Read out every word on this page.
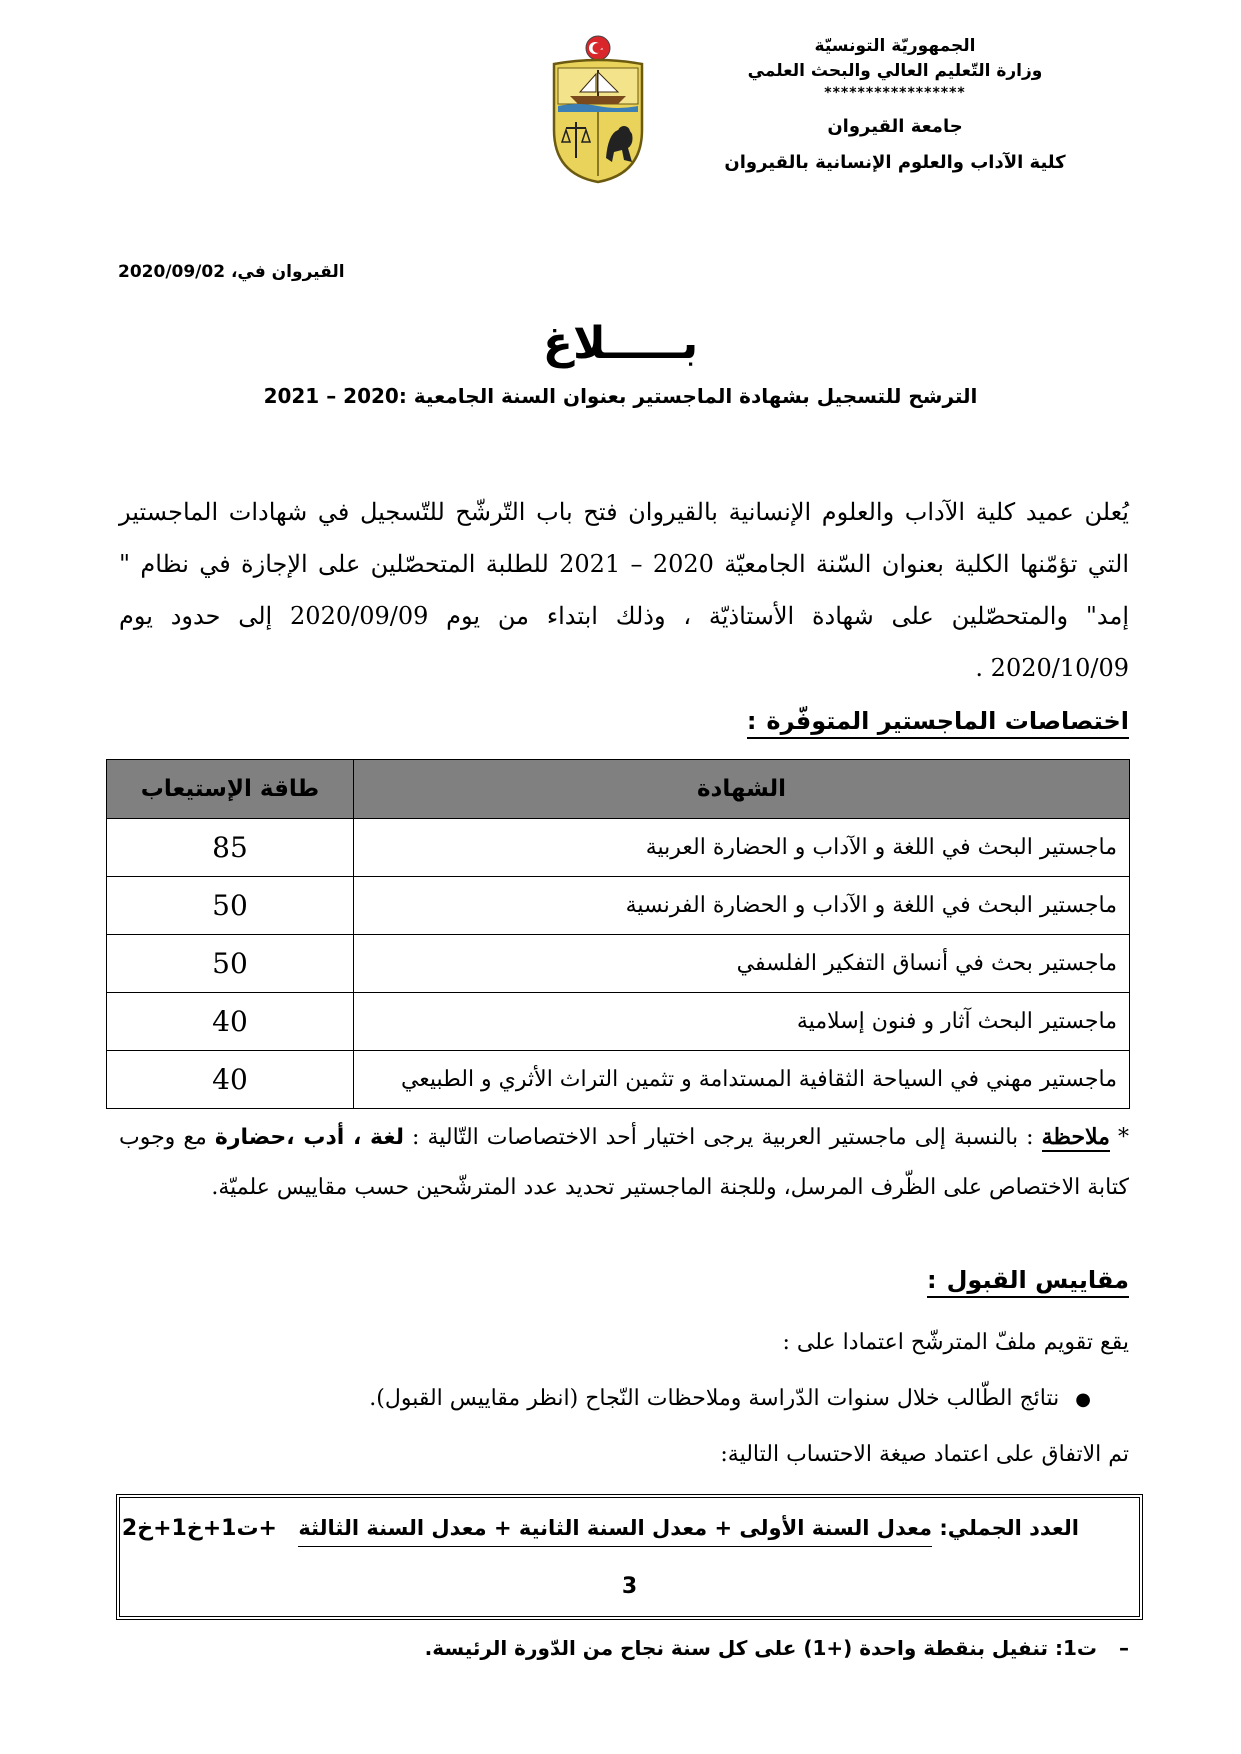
الجمهوريّة التونسيّة
وزارة التّعليم العالي والبحث العلمي
*****************
جامعة القيروان
كلية الآداب والعلوم الإنسانية بالقيروان
القيروان في، 2020/09/02
بـــــلاغ
الترشح للتسجيل بشهادة الماجستير بعنوان السنة الجامعية :2020 – 2021
يُعلن عميد كلية الآداب والعلوم الإنسانية بالقيروان فتح باب التّرشّح للتّسجيل في شهادات الماجستير التي تؤمّنها الكلية بعنوان السّنة الجامعيّة 2020 – 2021 للطلبة المتحصّلين على الإجازة في نظام " إمد" والمتحصّلين على شهادة الأستاذيّة ، وذلك ابتداء من يوم 2020/09/09 إلى حدود يوم 2020/10/09 .
اختصاصات الماجستير المتوفّرة:
الشهادة	طاقة الإستيعاب
ماجستير البحث في اللغة و الآداب و الحضارة العربية	85
ماجستير البحث في اللغة و الآداب و الحضارة الفرنسية	50
ماجستير بحث في أنساق التفكير الفلسفي	50
ماجستير البحث آثار و فنون إسلامية	40
ماجستير مهني في السياحة الثقافية المستدامة و تثمين التراث الأثري و الطبيعي	40
* ملاحظة : بالنسبة إلى ماجستير العربية يرجى اختيار أحد الاختصاصات التّالية : لغة ، أدب ،حضارة مع وجوب كتابة الاختصاص على الظّرف المرسل، وللجنة الماجستير تحديد عدد المترشّحين حسب مقاييس علميّة.
مقاييس القبول:
يقع تقويم ملفّ المترشّح اعتمادا على :
●نتائج الطّالب خلال سنوات الدّراسة وملاحظات النّجاح (انظر مقاييس القبول).
تم الاتفاق على اعتماد صيغة الاحتساب التالية:
العدد الجملي: معدل السنة الأولى + معدل السنة الثانية + معدل السنة الثالثة +ت1+خ1+خ2
3
–ت1: تنفيل بنقطة واحدة (+1) على كل سنة نجاح من الدّورة الرئيسة.
